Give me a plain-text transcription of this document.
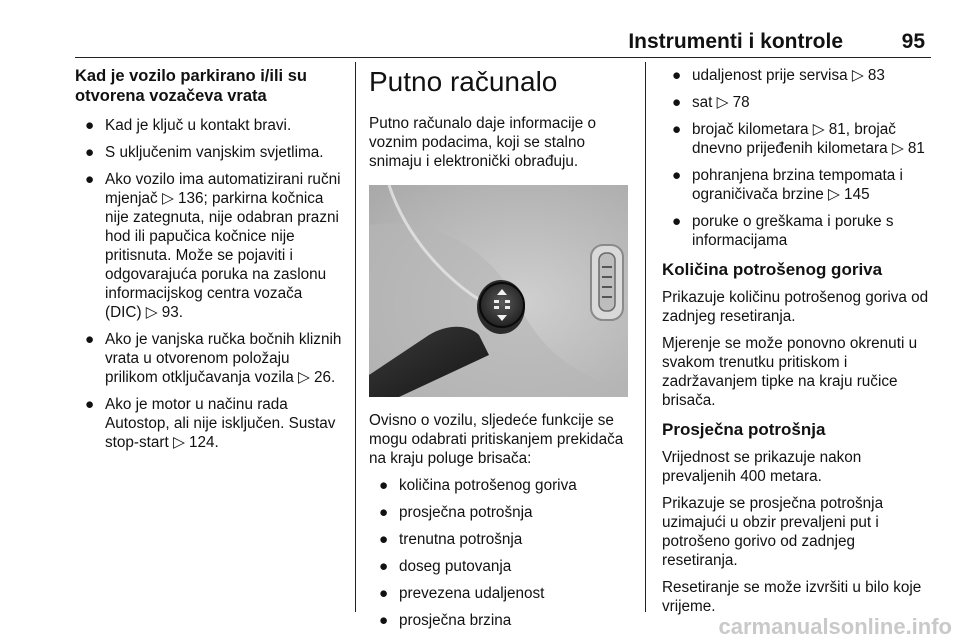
Instrumenti i kontrole	95
Kad je vozilo parkirano i/ili su otvorena vozačeva vrata
● Kad je ključ u kontakt bravi.
● S uključenim vanjskim svjetlima.
● Ako vozilo ima automatizirani ručni mjenjač ▷ 136; parkirna kočnica nije zategnuta, nije odabran prazni hod ili papučica kočnice nije pritisnuta. Može se pojaviti i odgovarajuća poruka na zaslonu informacijskog centra vozača (DIC) ▷ 93.
● Ako je vanjska ručka bočnih kliznih vrata u otvorenom položaju prilikom otključavanja vozila ▷ 26.
● Ako je motor u načinu rada Autostop, ali nije isključen. Sustav stop-start ▷ 124.
Putno računalo

Putno računalo daje informacije o voznim podacima, koji se stalno snimaju i elektronički obrađuju.

Ovisno o vozilu, sljedeće funkcije se mogu odabrati pritiskanjem prekidača na kraju poluge brisača:

● količina potrošenog goriva
● prosječna potrošnja
● trenutna potrošnja
● doseg putovanja
● prevezena udaljenost
● prosječna brzina
● udaljenost prije servisa ▷ 83
● sat ▷ 78
● brojač kilometara ▷ 81, brojač dnevno prijeđenih kilometara ▷ 81
● pohranjena brzina tempomata i ograničivača brzine ▷ 145
● poruke o greškama i poruke s informacijama
Količina potrošenog goriva

Prikazuje količinu potrošenog goriva od zadnjeg resetiranja.

Mjerenje se može ponovno okrenuti u svakom trenutku pritiskom i zadržavanjem tipke na kraju ručice brisača.

Prosječna potrošnja

Vrijednost se prikazuje nakon prevaljenih 400 metara.

Prikazuje se prosječna potrošnja uzimajući u obzir prevaljeni put i potrošeno gorivo od zadnjeg resetiranja.

Resetiranje se može izvršiti u bilo koje vrijeme.

carmanualsonline.info
